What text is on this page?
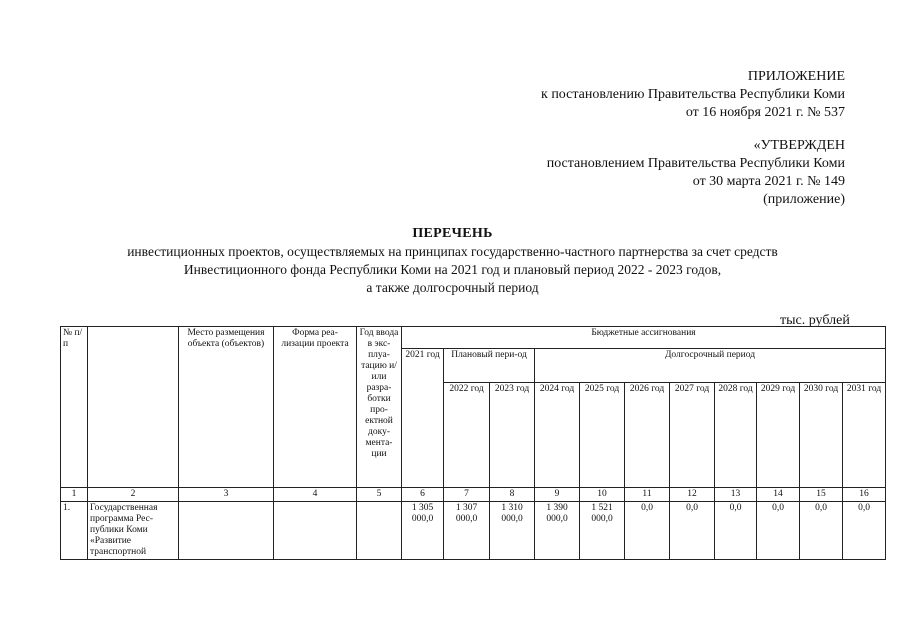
ПРИЛОЖЕНИЕ
к постановлению Правительства Республики Коми
от 16 ноября 2021 г. № 537
«УТВЕРЖДЕН
постановлением Правительства Республики Коми
от 30 марта 2021 г. № 149
(приложение)
ПЕРЕЧЕНЬ
инвестиционных проектов, осуществляемых на принципах государственно-частного партнерства за счет средств
Инвестиционного фонда Республики Коми на 2021 год и плановый период 2022 - 2023 годов,
а также долгосрочный период
тыс. рублей
№ п/п		Место размещения объекта (объектов)	Форма реа-лизации проекта	Год ввода в экс-плуа-тацию и/или разра-ботки про-ектной доку-мента-ции	Бюджетные ассигнования										
					2021 год	Плановый пери-од		Долгосрочный период							
						2022 год	2023 год	2024 год	2025 год	2026 год	2027 год	2028 год	2029 год	2030 год	2031 год
1	2	3	4	5	6	7	8	9	10	11	12	13	14	15	16
1.	Государственная программа Рес-публики Коми «Развитие транспортной				1 305 000,0	1 307 000,0	1 310 000,0	1 390 000,0	1 521 000,0	0,0	0,0	0,0	0,0	0,0	0,0
